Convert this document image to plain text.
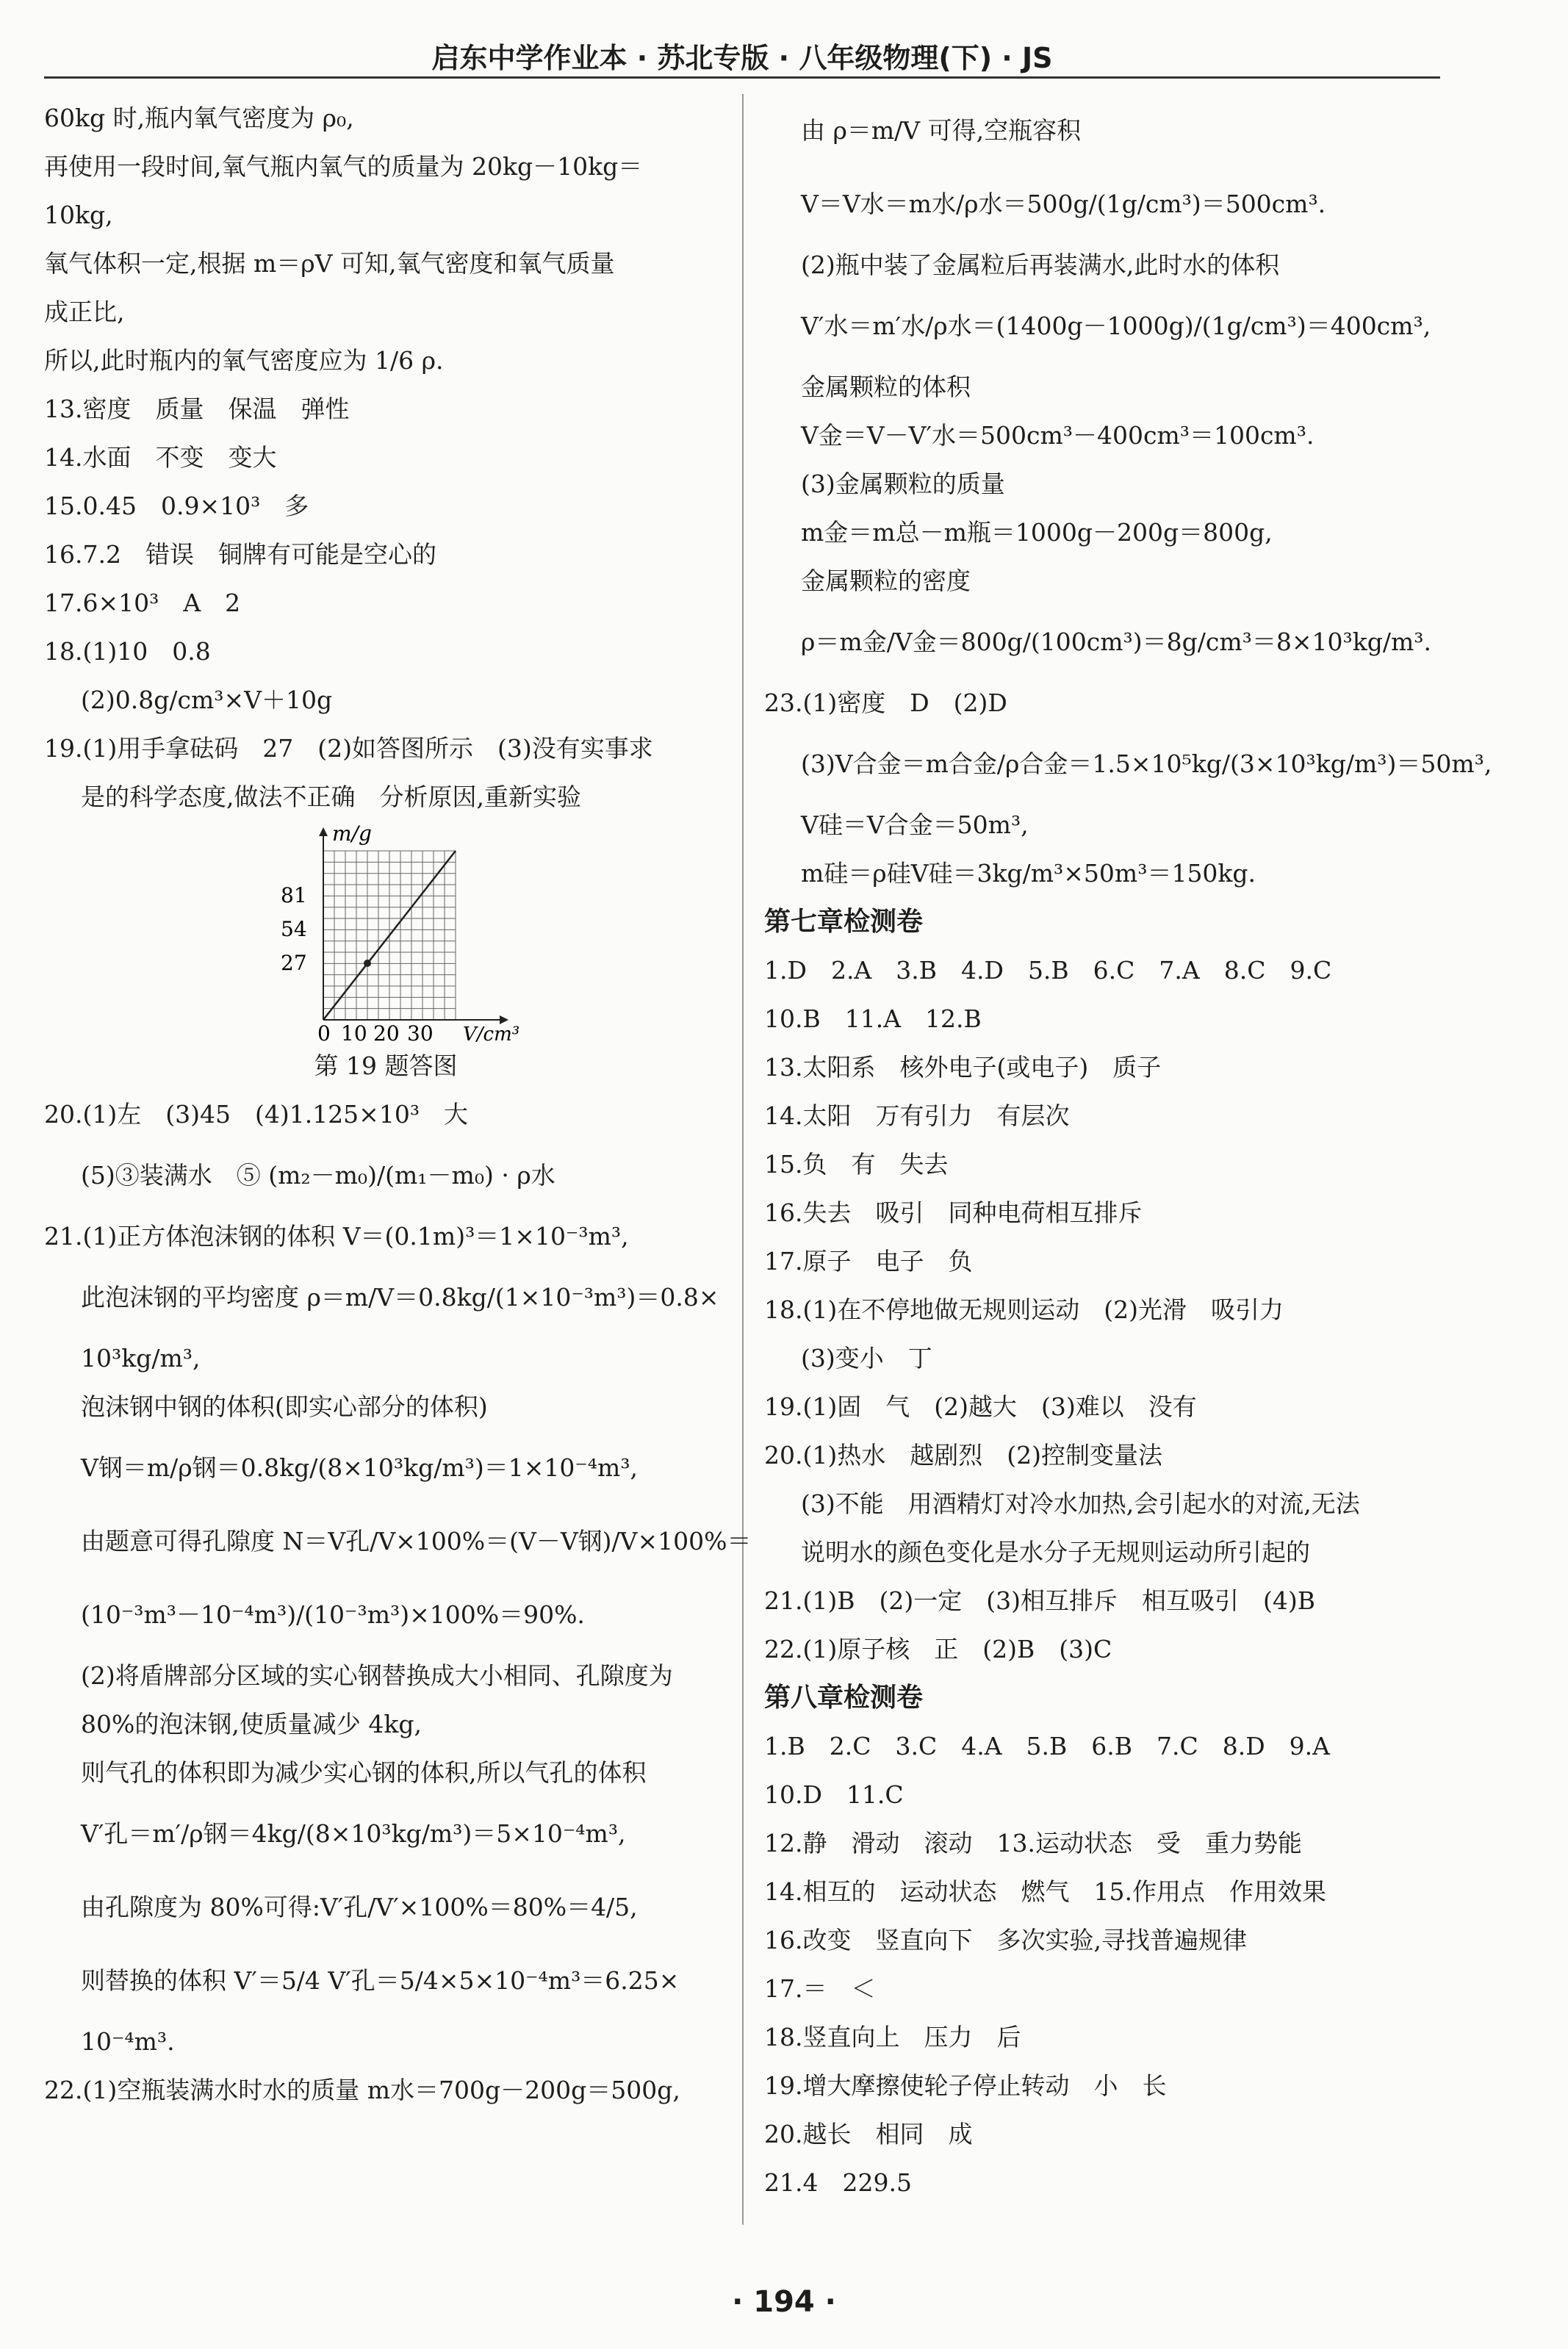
启东中学作业本 · 苏北专版 · 八年级物理(下) · JS
60kg 时,瓶内氧气密度为 ρ₀,
再使用一段时间,氧气瓶内氧气的质量为 20kg－10kg＝
10kg,
氧气体积一定,根据 m＝ρV 可知,氧气密度和氧气质量
成正比,
所以,此时瓶内的氧气密度应为 1/6 ρ.
13.密度　质量　保温　弹性
14.水面　不变　变大
15.0.45　0.9×10³　多
16.7.2　错误　铜牌有可能是空心的
17.6×10³　A　2
18.(1)10　0.8
(2)0.8g/cm³×V＋10g
19.(1)用手拿砝码　27　(2)如答图所示　(3)没有实事求
是的科学态度,做法不正确　分析原因,重新实验
m/g
V/cm³
81
54
27
0 10 20 30
第 19 题答图
20.(1)左　(3)45　(4)1.125×10³　大
(5)③装满水　⑤ (m₂－m₀)/(m₁－m₀) · ρ水
21.(1)正方体泡沫钢的体积 V＝(0.1m)³＝1×10⁻³m³,
此泡沫钢的平均密度 ρ＝m/V＝0.8kg/(1×10⁻³m³)＝0.8×
10³kg/m³,
泡沫钢中钢的体积(即实心部分的体积)
V钢＝m/ρ钢＝0.8kg/(8×10³kg/m³)＝1×10⁻⁴m³,
由题意可得孔隙度 N＝V孔/V×100%＝(V－V钢)/V×100%＝
(10⁻³m³－10⁻⁴m³)/(10⁻³m³)×100%＝90%.
(2)将盾牌部分区域的实心钢替换成大小相同、孔隙度为
80%的泡沫钢,使质量减少 4kg,
则气孔的体积即为减少实心钢的体积,所以气孔的体积
V′孔＝m′/ρ钢＝4kg/(8×10³kg/m³)＝5×10⁻⁴m³,
由孔隙度为 80%可得:V′孔/V′×100%＝80%＝4/5,
则替换的体积 V′＝5/4 V′孔＝5/4×5×10⁻⁴m³＝6.25×
10⁻⁴m³.
22.(1)空瓶装满水时水的质量 m水＝700g－200g＝500g,
由 ρ＝m/V 可得,空瓶容积
V＝V水＝m水/ρ水＝500g/(1g/cm³)＝500cm³.
(2)瓶中装了金属粒后再装满水,此时水的体积
V′水＝m′水/ρ水＝(1400g－1000g)/(1g/cm³)＝400cm³,
金属颗粒的体积
V金＝V－V′水＝500cm³－400cm³＝100cm³.
(3)金属颗粒的质量
m金＝m总－m瓶＝1000g－200g＝800g,
金属颗粒的密度
ρ＝m金/V金＝800g/(100cm³)＝8g/cm³＝8×10³kg/m³.
23.(1)密度　D　(2)D
(3)V合金＝m合金/ρ合金＝1.5×10⁵kg/(3×10³kg/m³)＝50m³,
V硅＝V合金＝50m³,
m硅＝ρ硅V硅＝3kg/m³×50m³＝150kg.
第七章检测卷
1.D　2.A　3.B　4.D　5.B　6.C　7.A　8.C　9.C
10.B　11.A　12.B
13.太阳系　核外电子(或电子)　质子
14.太阳　万有引力　有层次
15.负　有　失去
16.失去　吸引　同种电荷相互排斥
17.原子　电子　负
18.(1)在不停地做无规则运动　(2)光滑　吸引力
(3)变小　丁
19.(1)固　气　(2)越大　(3)难以　没有
20.(1)热水　越剧烈　(2)控制变量法
(3)不能　用酒精灯对冷水加热,会引起水的对流,无法
说明水的颜色变化是水分子无规则运动所引起的
21.(1)B　(2)一定　(3)相互排斥　相互吸引　(4)B
22.(1)原子核　正　(2)B　(3)C
第八章检测卷
1.B　2.C　3.C　4.A　5.B　6.B　7.C　8.D　9.A
10.D　11.C
12.静　滑动　滚动　13.运动状态　受　重力势能
14.相互的　运动状态　燃气　15.作用点　作用效果
16.改变　竖直向下　多次实验,寻找普遍规律
17.＝　＜
18.竖直向上　压力　后
19.增大摩擦使轮子停止转动　小　长
20.越长　相同　成
21.4　229.5
· 194 ·
